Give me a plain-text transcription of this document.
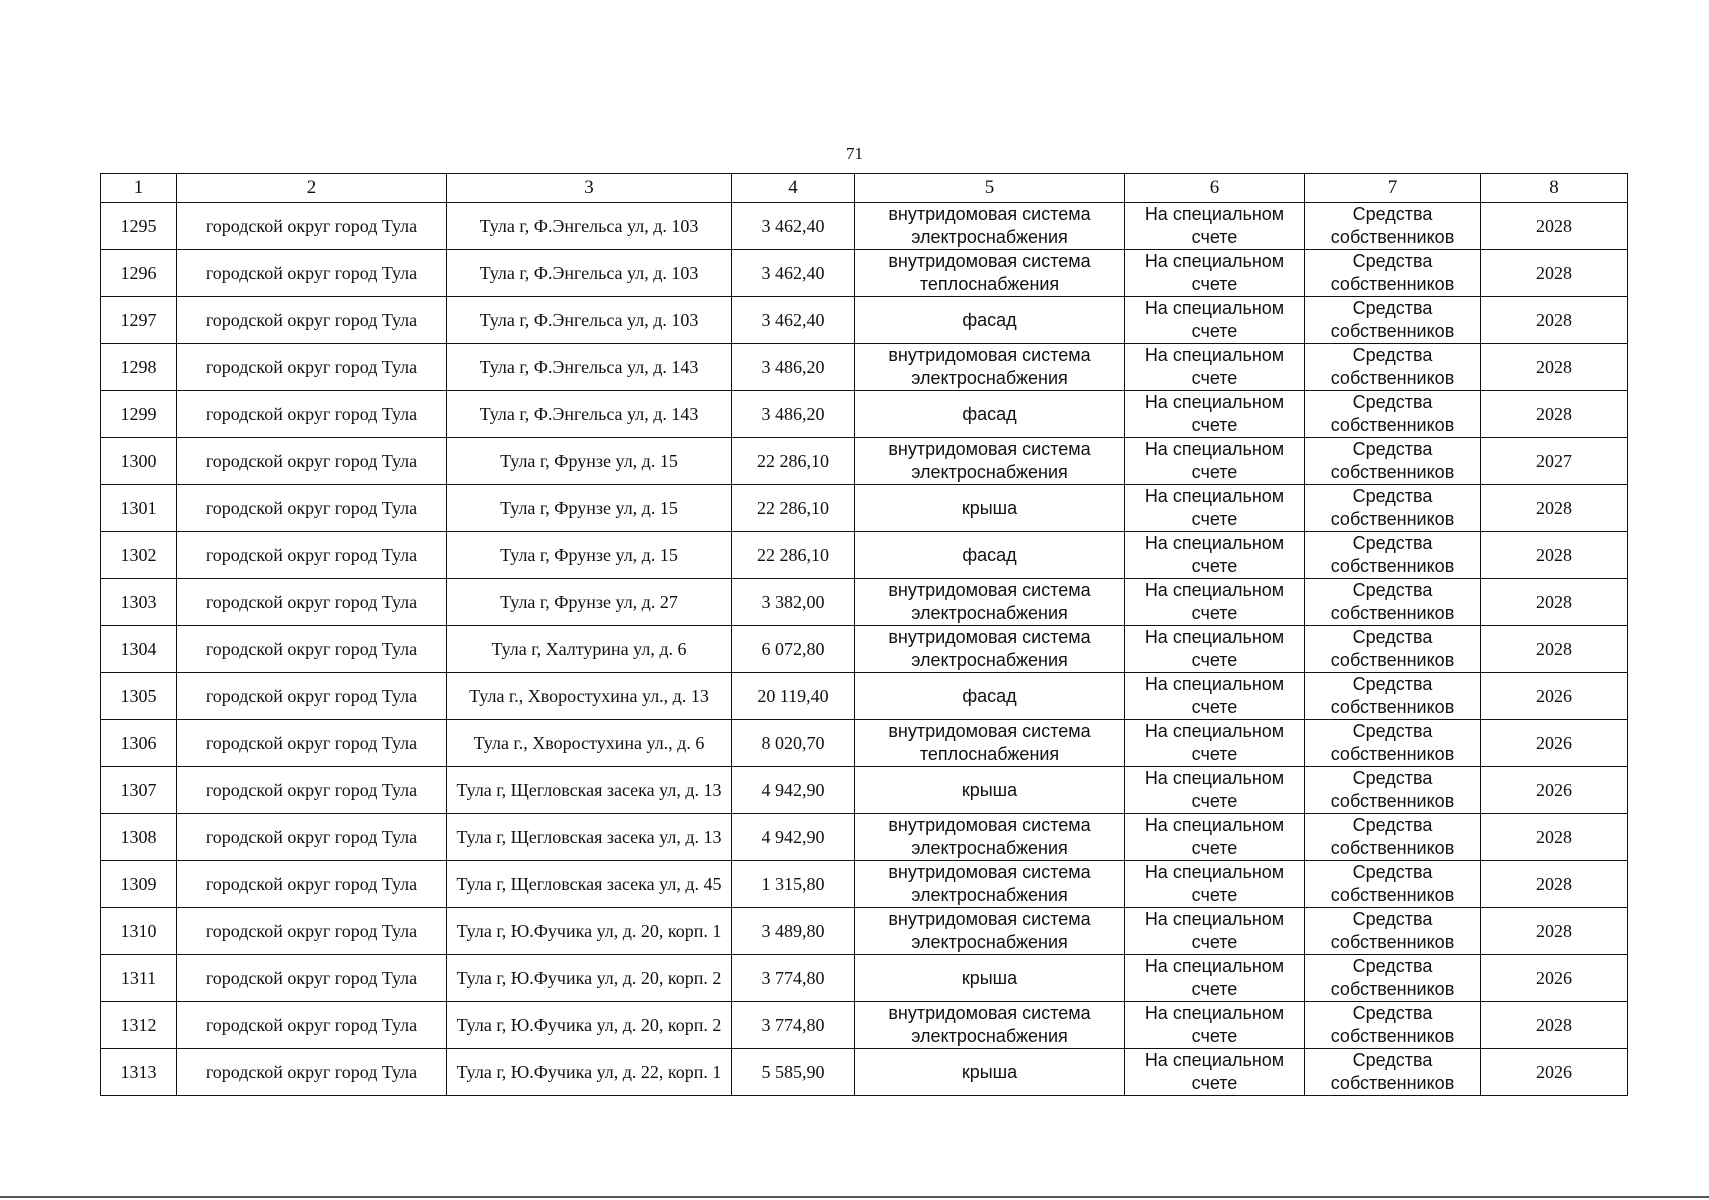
71
1	2	3	4	5	6	7	8
1295	городской округ город Тула	Тула г, Ф.Энгельса ул, д. 103	3 462,40	внутридомовая система электроснабжения	На специальном счете	Средства собственников	2028
1296	городской округ город Тула	Тула г, Ф.Энгельса ул, д. 103	3 462,40	внутридомовая система теплоснабжения	На специальном счете	Средства собственников	2028
1297	городской округ город Тула	Тула г, Ф.Энгельса ул, д. 103	3 462,40	фасад	На специальном счете	Средства собственников	2028
1298	городской округ город Тула	Тула г, Ф.Энгельса ул, д. 143	3 486,20	внутридомовая система электроснабжения	На специальном счете	Средства собственников	2028
1299	городской округ город Тула	Тула г, Ф.Энгельса ул, д. 143	3 486,20	фасад	На специальном счете	Средства собственников	2028
1300	городской округ город Тула	Тула г, Фрунзе ул, д. 15	22 286,10	внутридомовая система электроснабжения	На специальном счете	Средства собственников	2027
1301	городской округ город Тула	Тула г, Фрунзе ул, д. 15	22 286,10	крыша	На специальном счете	Средства собственников	2028
1302	городской округ город Тула	Тула г, Фрунзе ул, д. 15	22 286,10	фасад	На специальном счете	Средства собственников	2028
1303	городской округ город Тула	Тула г, Фрунзе ул, д. 27	3 382,00	внутридомовая система электроснабжения	На специальном счете	Средства собственников	2028
1304	городской округ город Тула	Тула г, Халтурина ул, д. 6	6 072,80	внутридомовая система электроснабжения	На специальном счете	Средства собственников	2028
1305	городской округ город Тула	Тула г., Хворостухина ул., д. 13	20 119,40	фасад	На специальном счете	Средства собственников	2026
1306	городской округ город Тула	Тула г., Хворостухина ул., д. 6	8 020,70	внутридомовая система теплоснабжения	На специальном счете	Средства собственников	2026
1307	городской округ город Тула	Тула г, Щегловская засека ул, д. 13	4 942,90	крыша	На специальном счете	Средства собственников	2026
1308	городской округ город Тула	Тула г, Щегловская засека ул, д. 13	4 942,90	внутридомовая система электроснабжения	На специальном счете	Средства собственников	2028
1309	городской округ город Тула	Тула г, Щегловская засека ул, д. 45	1 315,80	внутридомовая система электроснабжения	На специальном счете	Средства собственников	2028
1310	городской округ город Тула	Тула г, Ю.Фучика ул, д. 20, корп. 1	3 489,80	внутридомовая система электроснабжения	На специальном счете	Средства собственников	2028
1311	городской округ город Тула	Тула г, Ю.Фучика ул, д. 20, корп. 2	3 774,80	крыша	На специальном счете	Средства собственников	2026
1312	городской округ город Тула	Тула г, Ю.Фучика ул, д. 20, корп. 2	3 774,80	внутридомовая система электроснабжения	На специальном счете	Средства собственников	2028
1313	городской округ город Тула	Тула г, Ю.Фучика ул, д. 22, корп. 1	5 585,90	крыша	На специальном счете	Средства собственников	2026
